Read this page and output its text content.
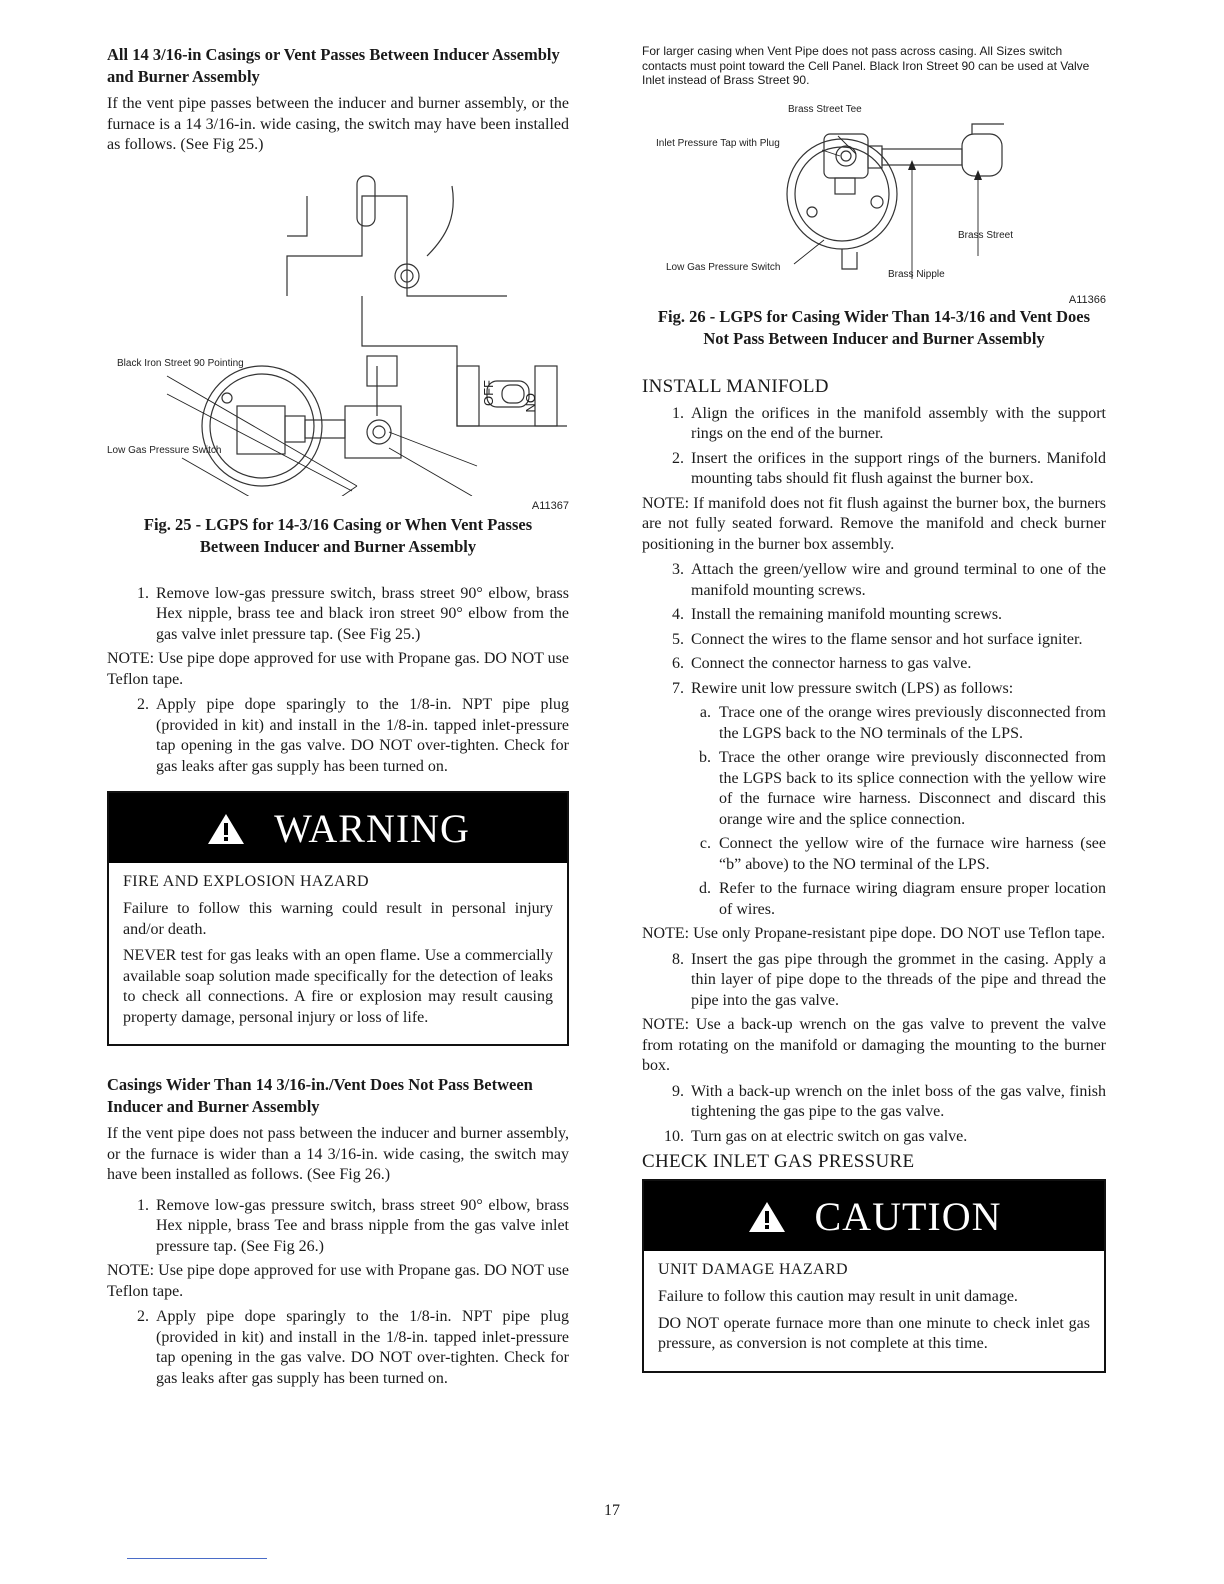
All 14 3/16-in Casings or Vent Passes Between Inducer Assembly and Burner Assembly

If the vent pipe passes between the inducer and burner assembly, or the furnace is a 14 3/16-in. wide casing, the switch may have been installed as follows. (See Fig 25.)

Black Iron Street 90 Pointing
Low Gas Pressure Switch
OFF ON
A11367

Fig. 25 - LGPS for 14-3/16 Casing or When Vent Passes Between Inducer and Burner Assembly

1. Remove low-gas pressure switch, brass street 90° elbow, brass Hex nipple, brass tee and black iron street 90° elbow from the gas valve inlet pressure tap. (See Fig 25.)

NOTE: Use pipe dope approved for use with Propane gas. DO NOT use Teflon tape.

2. Apply pipe dope sparingly to the 1/8-in. NPT pipe plug (provided in kit) and install in the 1/8-in. tapped inlet-pressure tap opening in the gas valve. DO NOT over-tighten. Check for gas leaks after gas supply has been turned on.
WARNING
FIRE AND EXPLOSION HAZARD

Failure to follow this warning could result in personal injury and/or death.

NEVER test for gas leaks with an open flame. Use a commercially available soap solution made specifically for the detection of leaks to check all connections. A fire or explosion may result causing property damage, personal injury or loss of life.

Casings Wider Than 14 3/16-in./Vent Does Not Pass Between Inducer and Burner Assembly

If the vent pipe does not pass between the inducer and burner assembly, or the furnace is wider than a 14 3/16-in. wide casing, the switch may have been installed as follows. (See Fig 26.)

1. Remove low-gas pressure switch, brass street 90° elbow, brass Hex nipple, brass Tee and brass nipple from the gas valve inlet pressure tap. (See Fig 26.)

NOTE: Use pipe dope approved for use with Propane gas. DO NOT use Teflon tape.

2. Apply pipe dope sparingly to the 1/8-in. NPT pipe plug (provided in kit) and install in the 1/8-in. tapped inlet-pressure tap opening in the gas valve. DO NOT over-tighten. Check for gas leaks after gas supply has been turned on.

For larger casing when Vent Pipe does not pass across casing. All Sizes switch contacts must point toward the Cell Panel. Black Iron Street 90 can be used at Valve Inlet instead of Brass Street 90.

Brass Street Tee
Inlet Pressure Tap with Plug
Brass Street
Low Gas Pressure Switch
Brass Nipple
A11366

Fig. 26 - LGPS for Casing Wider Than 14-3/16 and Vent Does Not Pass Between Inducer and Burner Assembly

INSTALL MANIFOLD
1. Align the orifices in the manifold assembly with the support rings on the end of the burner.
2. Insert the orifices in the support rings of the burners. Manifold mounting tabs should fit flush against the burner box.

NOTE: If manifold does not fit flush against the burner box, the burners are not fully seated forward. Remove the manifold and check burner positioning in the burner box assembly.

3. Attach the green/yellow wire and ground terminal to one of the manifold mounting screws.
4. Install the remaining manifold mounting screws.
5. Connect the wires to the flame sensor and hot surface igniter.
6. Connect the connector harness to gas valve.
7. Rewire unit low pressure switch (LPS) as follows:
a. Trace one of the orange wires previously disconnected from the LGPS back to the NO terminals of the LPS.
b. Trace the other orange wire previously disconnected from the LGPS back to its splice connection with the yellow wire of the furnace wire harness. Disconnect and discard this orange wire and the splice connection.
c. Connect the yellow wire of the furnace wire harness (see “b” above) to the NO terminal of the LPS.
d. Refer to the furnace wiring diagram ensure proper location of wires.

NOTE: Use only Propane-resistant pipe dope. DO NOT use Teflon tape.

8. Insert the gas pipe through the grommet in the casing. Apply a thin layer of pipe dope to the threads of the pipe and thread the pipe into the gas valve.

NOTE: Use a back-up wrench on the gas valve to prevent the valve from rotating on the manifold or damaging the mounting to the burner box.

9. With a back-up wrench on the inlet boss of the gas valve, finish tightening the gas pipe to the gas valve.
10. Turn gas on at electric switch on gas valve.
CHECK INLET GAS PRESSURE
CAUTION
UNIT DAMAGE HAZARD

Failure to follow this caution may result in unit damage.

DO NOT operate furnace more than one minute to check inlet gas pressure, as conversion is not complete at this time.

17
